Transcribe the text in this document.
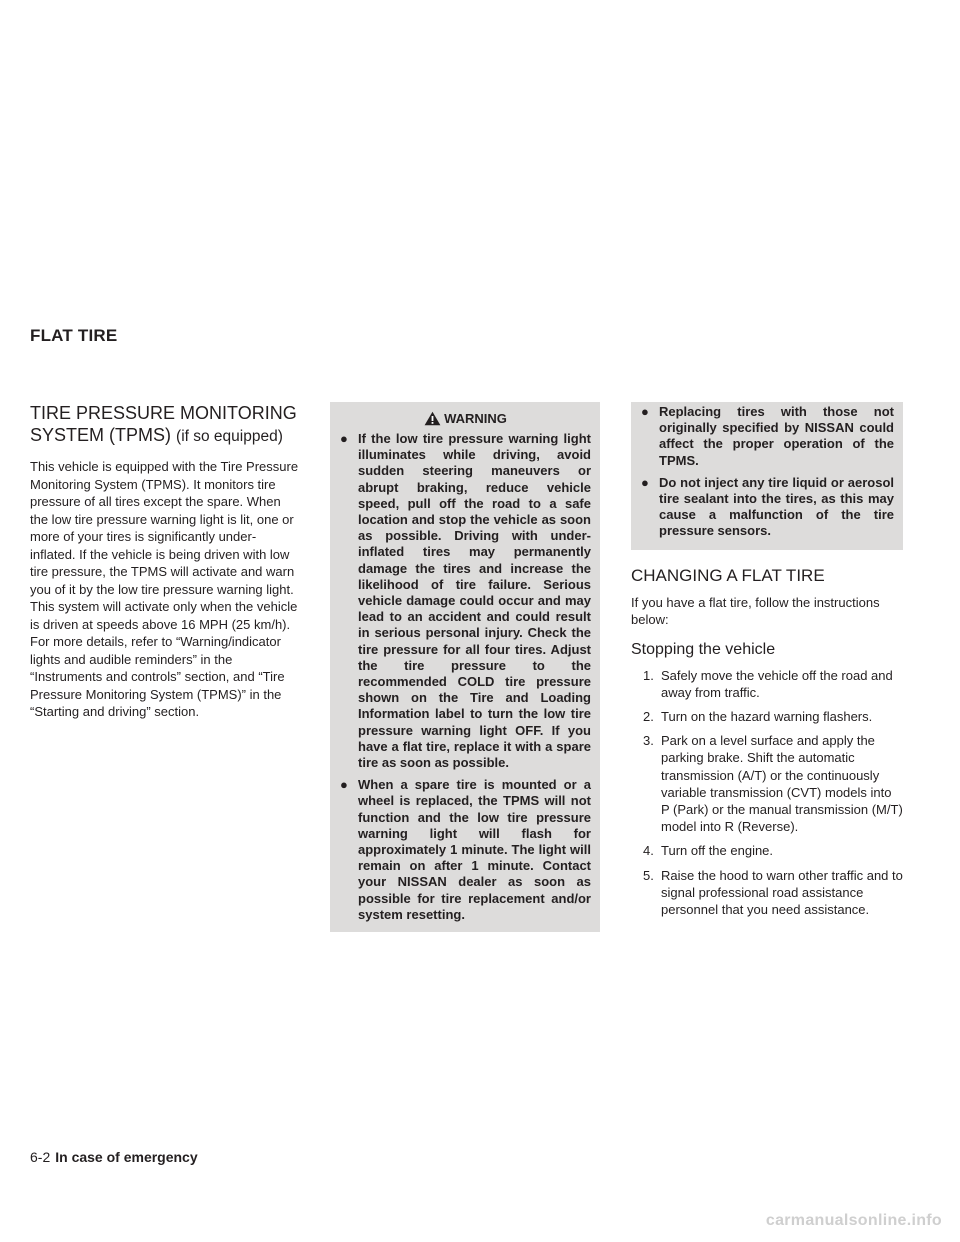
FLAT TIRE
TIRE PRESSURE MONITORING
SYSTEM (TPMS) (if so equipped)

This vehicle is equipped with the Tire Pressure Monitoring System (TPMS). It monitors tire pressure of all tires except the spare. When the low tire pressure warning light is lit, one or more of your tires is significantly under-inflated. If the vehicle is being driven with low tire pressure, the TPMS will activate and warn you of it by the low tire pressure warning light. This system will activate only when the vehicle is driven at speeds above 16 MPH (25 km/h). For more details, refer to “Warning/indicator lights and audible reminders” in the “Instruments and controls” section, and “Tire Pressure Monitoring System (TPMS)” in the “Starting and driving” section.

WARNING
● If the low tire pressure warning light illuminates while driving, avoid sudden steering maneuvers or abrupt braking, reduce vehicle speed, pull off the road to a safe location and stop the vehicle as soon as possible. Driving with under-inflated tires may permanently damage the tires and increase the likelihood of tire failure. Serious vehicle damage could occur and may lead to an accident and could result in serious personal injury. Check the tire pressure for all four tires. Adjust the tire pressure to the recommended COLD tire pressure shown on the Tire and Loading Information label to turn the low tire pressure warning light OFF. If you have a flat tire, replace it with a spare tire as soon as possible.
● When a spare tire is mounted or a wheel is replaced, the TPMS will not function and the low tire pressure warning light will flash for approximately 1 minute. The light will remain on after 1 minute. Contact your NISSAN dealer as soon as possible for tire replacement and/or system resetting.
● Replacing tires with those not originally specified by NISSAN could affect the proper operation of the TPMS.
● Do not inject any tire liquid or aerosol tire sealant into the tires, as this may cause a malfunction of the tire pressure sensors.
CHANGING A FLAT TIRE

If you have a flat tire, follow the instructions below:

Stopping the vehicle
1. Safely move the vehicle off the road and away from traffic.
2. Turn on the hazard warning flashers.
3. Park on a level surface and apply the parking brake. Shift the automatic transmission (A/T) or the continuously variable transmission (CVT) models into P (Park) or the manual transmission (M/T) model into R (Reverse).
4. Turn off the engine.
5. Raise the hood to warn other traffic and to signal professional road assistance personnel that you need assistance.
6-2 In case of emergency
carmanualsonline.info
